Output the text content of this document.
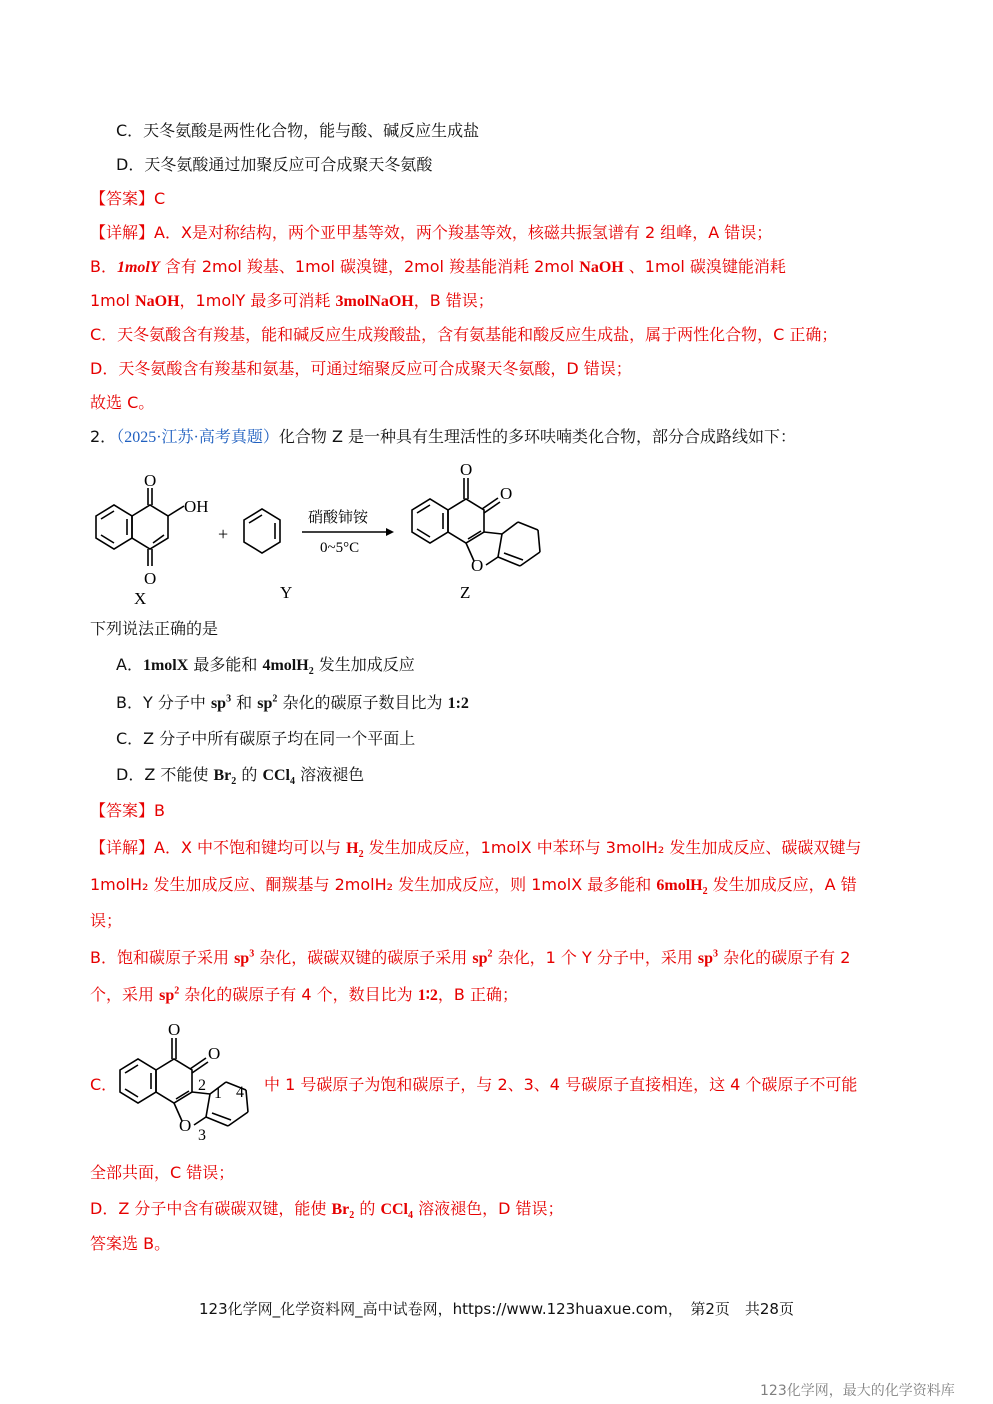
C．天冬氨酸是两性化合物，能与酸、碱反应生成盐
D．天冬氨酸通过加聚反应可合成聚天冬氨酸
【答案】C
【详解】A．X是对称结构，两个亚甲基等效，两个羧基等效，核磁共振氢谱有 2 组峰，A 错误；
B．1molY 含有 2mol 羧基、1mol 碳溴键，2mol 羧基能消耗 2mol NaOH 、1mol 碳溴键能消耗
1mol NaOH，1molY 最多可消耗 3molNaOH，B 错误；
C．天冬氨酸含有羧基，能和碱反应生成羧酸盐，含有氨基能和酸反应生成盐，属于两性化合物，C 正确；
D．天冬氨酸含有羧基和氨基，可通过缩聚反应可合成聚天冬氨酸，D 错误；
故选 C。
2．（2025·江苏·高考真题）化合物 Z 是一种具有生理活性的多环呋喃类化合物，部分合成路线如下：
O
O
OH
O
O
O
+
硝酸铈铵
0~5°C
X	Y	Z
下列说法正确的是
A．1molX 最多能和 4molH$_2$ 发生加成反应
B．Y 分子中 $sp^3$ 和 $sp^2$ 杂化的碳原子数目比为 1:2
C．Z 分子中所有碳原子均在同一个平面上
D．Z 不能使 $Br_2$ 的 CCl$_4$ 溶液褪色
【答案】B
【详解】A．X 中不饱和键均可以与 $H_2$ 发生加成反应，1molX 中苯环与 3molH₂ 发生加成反应、碳碳双键与
1molH₂ 发生加成反应、酮羰基与 2molH₂ 发生加成反应，则 1molX 最多能和 6molH$_2$ 发生加成反应，A 错
误；
B．饱和碳原子采用 $sp^3$ 杂化，碳碳双键的碳原子采用 $sp^2$ 杂化，1 个 Y 分子中，采用 $sp^3$ 杂化的碳原子有 2
个，采用 $sp^2$ 杂化的碳原子有 4 个，数目比为 1∶2，B 正确；
C．
O
O
O
1
2
3
4 中 1 号碳原子为饱和碳原子，与 2、3、4 号碳原子直接相连，这 4 个碳原子不可能
全部共面，C 错误；
D．Z 分子中含有碳碳双键，能使 $Br_2$ 的 CCl$_4$ 溶液褪色，D 错误；
答案选 B。
123化学网_化学资料网_高中试卷网，https://www.123huaxue.com，　第2页　共28页
123化学网，最大的化学资料库
